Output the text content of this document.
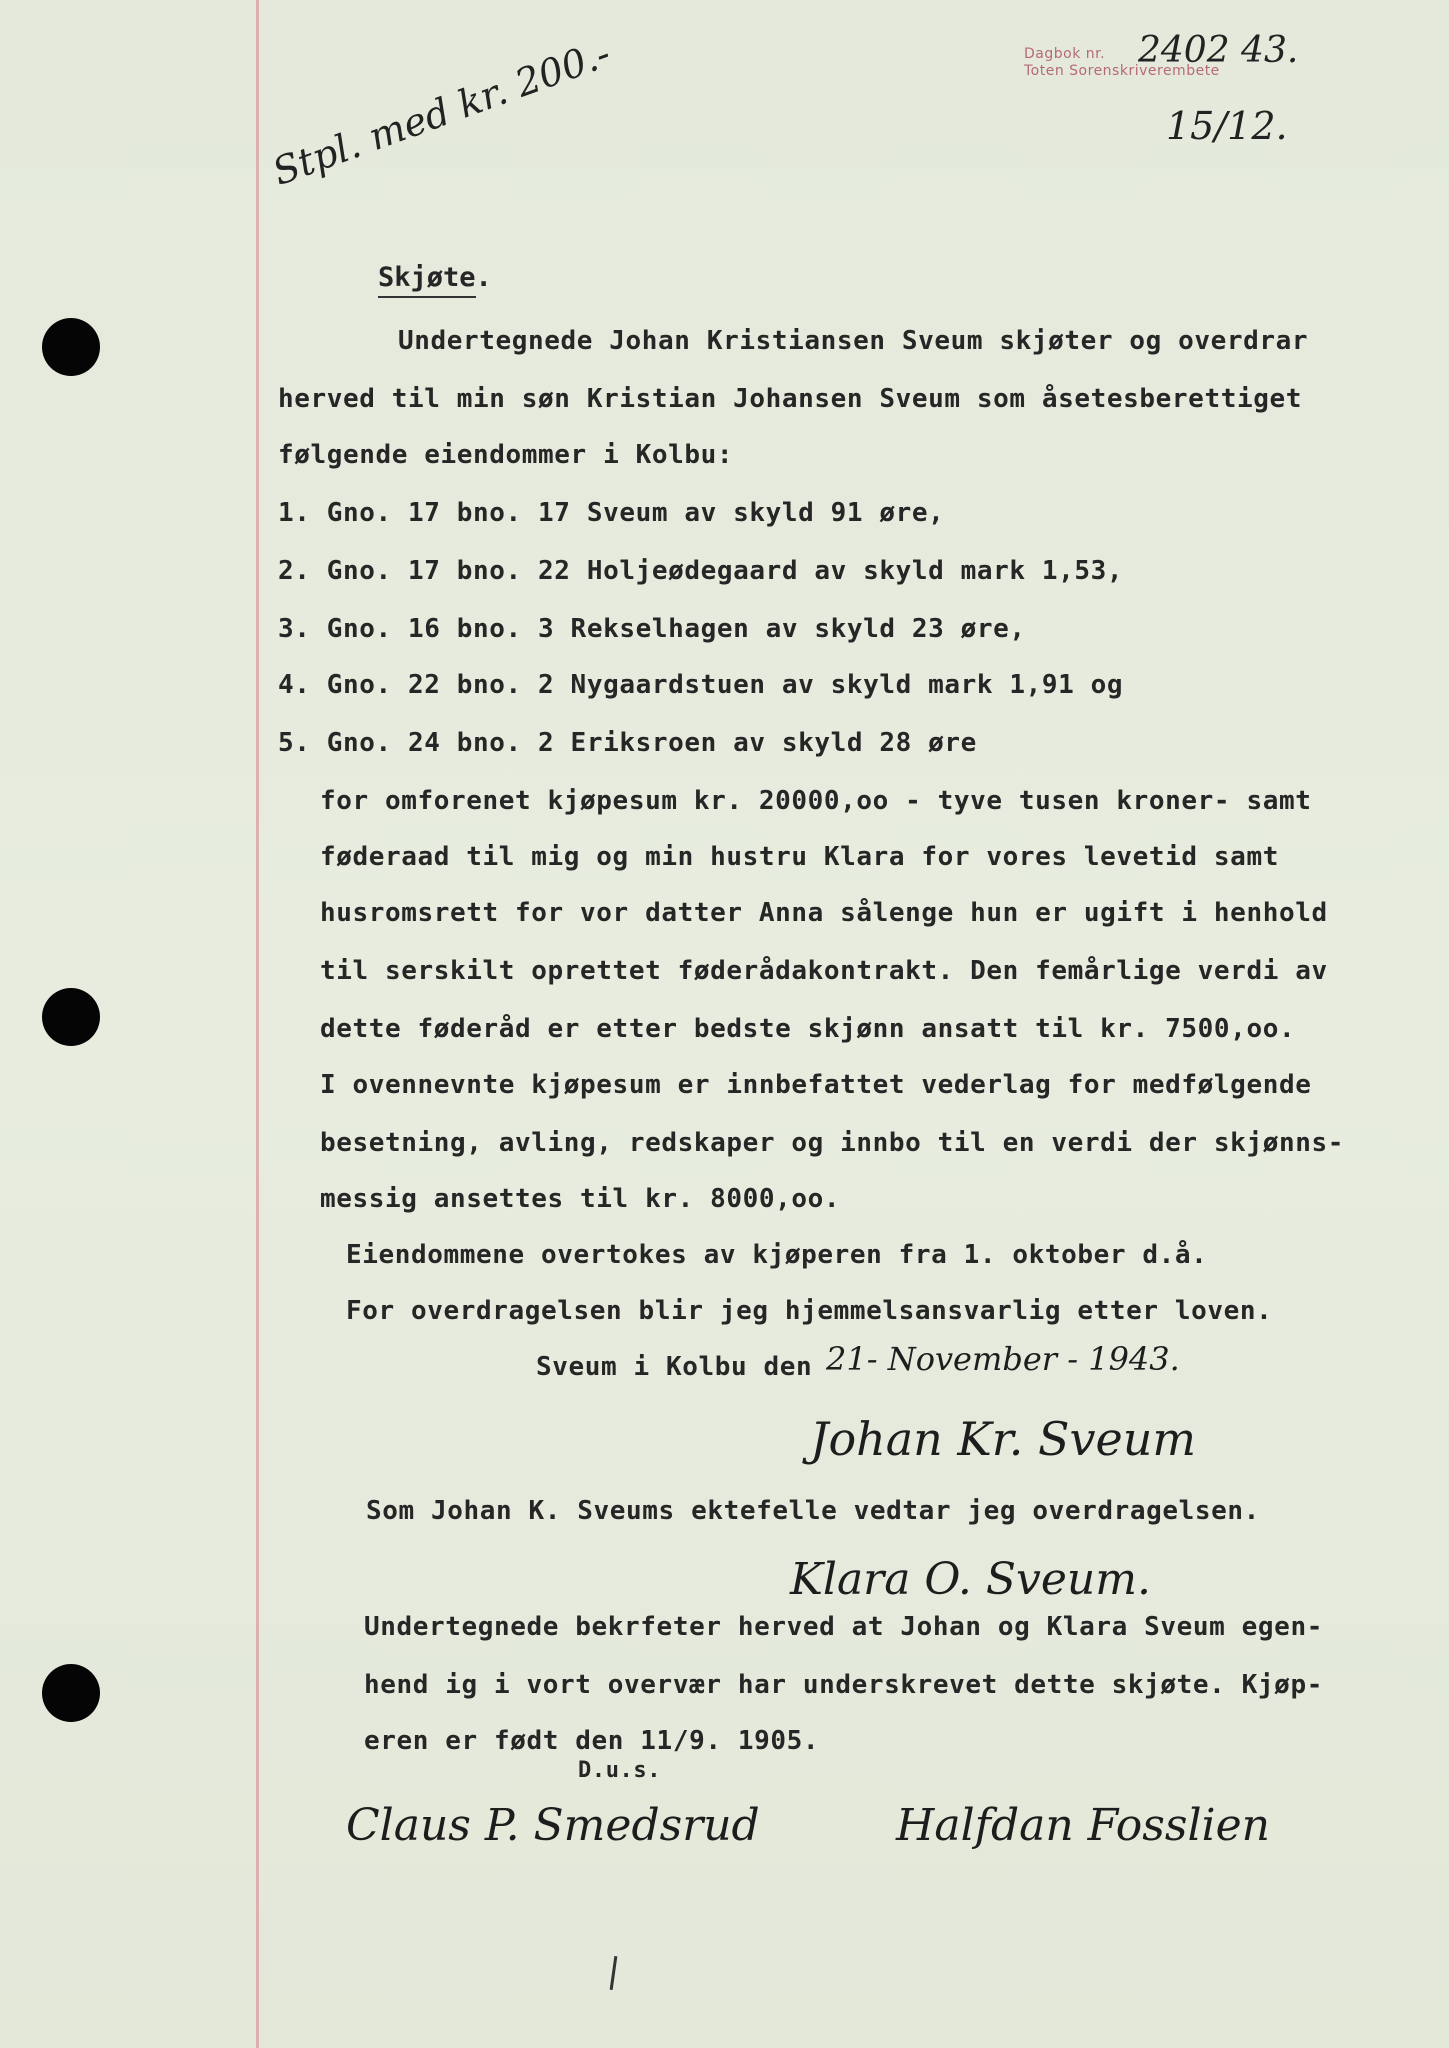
Dagbok nr.
Toten Sorenskriverembete
2402 43.
15/12.
Stpl. med kr. 200.-
Skjøte.
Undertegnede Johan Kristiansen Sveum skjøter og overdrar
herved til min søn Kristian Johansen Sveum som åsetesberettiget
følgende eiendommer i Kolbu:
1. Gno. 17 bno. 17 Sveum av skyld 91 øre,
2. Gno. 17 bno. 22 Holjeødegaard av skyld mark 1,53,
3. Gno. 16 bno. 3 Rekselhagen av skyld 23 øre,
4. Gno. 22 bno. 2 Nygaardstuen av skyld mark 1,91 og
5. Gno. 24 bno. 2 Eriksroen av skyld 28 øre
for omforenet kjøpesum kr. 20000,oo - tyve tusen kroner- samt
føderaad til mig og min hustru Klara for vores levetid samt
husromsrett for vor datter Anna sålenge hun er ugift i henhold
til serskilt oprettet føderådakontrakt. Den femårlige verdi av
dette føderåd er etter bedste skjønn ansatt til kr. 7500,oo.
I ovennevnte kjøpesum er innbefattet vederlag for medfølgende
besetning, avling, redskaper og innbo til en verdi der skjønns-
messig ansettes til kr. 8000,oo.
Eiendommene overtokes av kjøperen fra 1. oktober d.å.
For overdragelsen blir jeg hjemmelsansvarlig etter loven.
Sveum i Kolbu den 21- November - 1943.
Johan Kr. Sveum
Som Johan K. Sveums ektefelle vedtar jeg overdragelsen.
Klara O. Sveum.
Undertegnede bekrfeter herved at Johan og Klara Sveum egen-
hend ig i vort overvær har underskrevet dette skjøte. Kjøp-
eren er født den 11/9. 1905.
D.u.s.
Claus P. Smedsrud	Halfdan Fosslien
